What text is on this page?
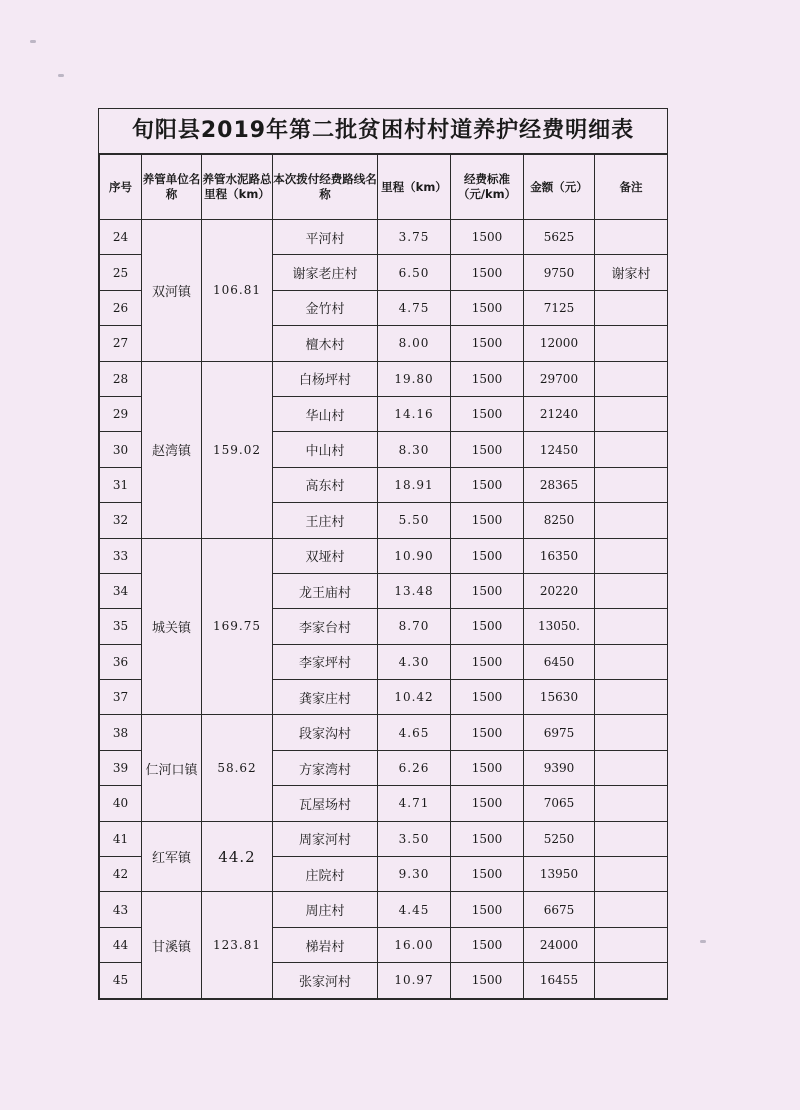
旬阳县2019年第二批贫困村村道养护经费明细表
序号	养管单位名称	养管水泥路总里程（km）	本次拨付经费路线名称	里程（km）	经费标准（元/km）	金额（元）	备注
24	双河镇	106.81	平河村	3.75	1500	5625	
25			谢家老庄村	6.50	1500	9750	谢家村
26			金竹村	4.75	1500	7125	
27			檀木村	8.00	1500	12000	
28	赵湾镇	159.02	白杨坪村	19.80	1500	29700	
29			华山村	14.16	1500	21240	
30			中山村	8.30	1500	12450	
31			高东村	18.91	1500	28365	
32			王庄村	5.50	1500	8250	
33	城关镇	169.75	双垭村	10.90	1500	16350	
34			龙王庙村	13.48	1500	20220	
35			李家台村	8.70	1500	13050.	
36			李家坪村	4.30	1500	6450	
37			龚家庄村	10.42	1500	15630	
38	仁河口镇	58.62	段家沟村	4.65	1500	6975	
39			方家湾村	6.26	1500	9390	
40			瓦屋场村	4.71	1500	7065	
41	红军镇	44.2	周家河村	3.50	1500	5250	
42			庄院村	9.30	1500	13950	
43	甘溪镇	123.81	周庄村	4.45	1500	6675	
44			梯岩村	16.00	1500	24000	
45			张家河村	10.97	1500	16455	
